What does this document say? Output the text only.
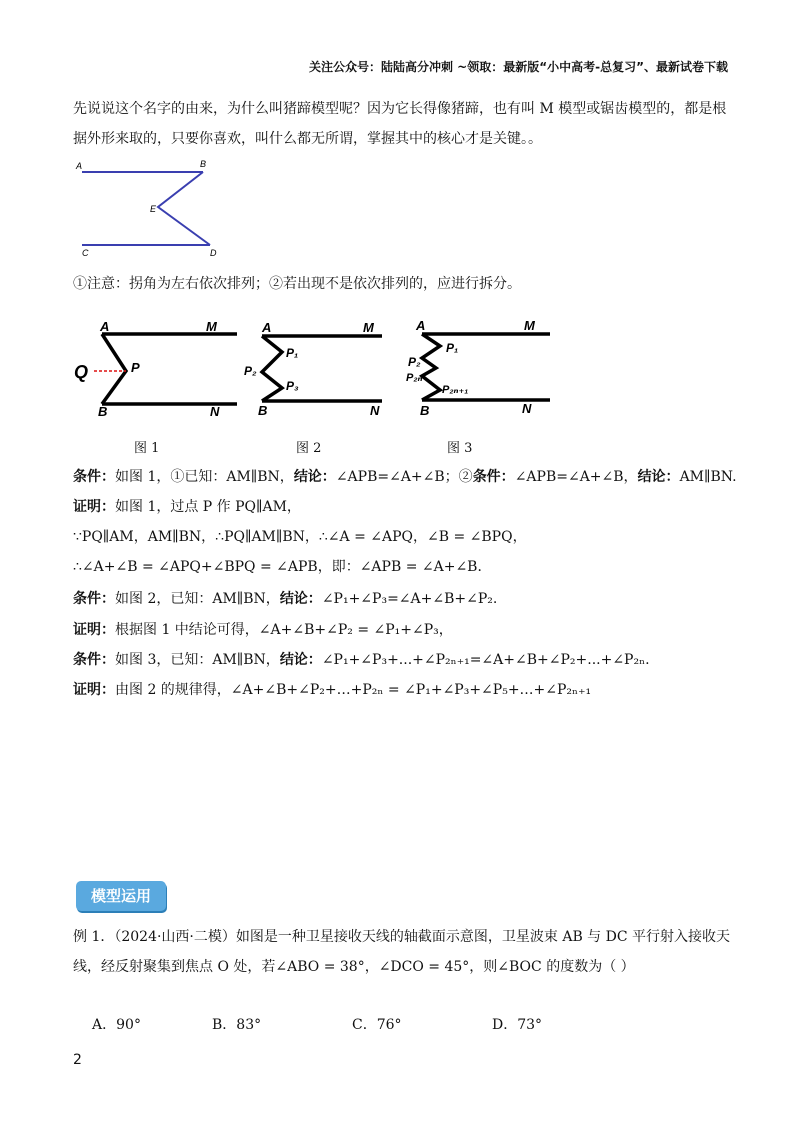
关注公众号：陆陆高分冲刺 ~领取：最新版“小中高考-总复习”、最新试卷下载
先说说这个名字的由来，为什么叫猪蹄模型呢？因为它长得像猪蹄，也有叫 M 模型或锯齿模型的，都是根
据外形来取的，只要你喜欢，叫什么都无所谓，掌握其中的核心才是关键。。
A	B
E
C	D
①注意：拐角为左右依次排列；②若出现不是依次排列的，应进行拆分。
A	M
Q	P
B	N
图 1
A	M
P₁
P₂
P₃
B	N
图 2
A	M
P₁
P₂
P₂ₙ
P₂ₙ₊₁
B	N
图 3
条件：如图 1，①已知：AM∥BN，结论：∠APB=∠A+∠B；②条件：∠APB=∠A+∠B，结论：AM∥BN.
证明：如图 1，过点 P 作 PQ∥AM，
∵PQ∥AM，AM∥BN，∴PQ∥AM∥BN，∴∠A = ∠APQ，∠B = ∠BPQ，
∴∠A+∠B = ∠APQ+∠BPQ = ∠APB，即：∠APB = ∠A+∠B．
条件：如图 2，已知：AM∥BN，结论：∠P₁+∠P₃=∠A+∠B+∠P₂.
证明：根据图 1 中结论可得，∠A+∠B+∠P₂ = ∠P₁+∠P₃，
条件：如图 3，已知：AM∥BN，结论：∠P₁+∠P₃+...+∠P₂ₙ₊₁=∠A+∠B+∠P₂+...+∠P₂ₙ.
证明：由图 2 的规律得，∠A+∠B+∠P₂+…+P₂ₙ = ∠P₁+∠P₃+∠P₅+…+∠P₂ₙ₊₁
模型运用
例 1．（2024·山西·二模）如图是一种卫星接收天线的轴截面示意图，卫星波束 AB 与 DC 平行射入接收天
线，经反射聚集到焦点 O 处，若∠ABO = 38°，∠DCO = 45°，则∠BOC 的度数为（ ）
A．90°	B．83°	C．76°	D．73°
2
